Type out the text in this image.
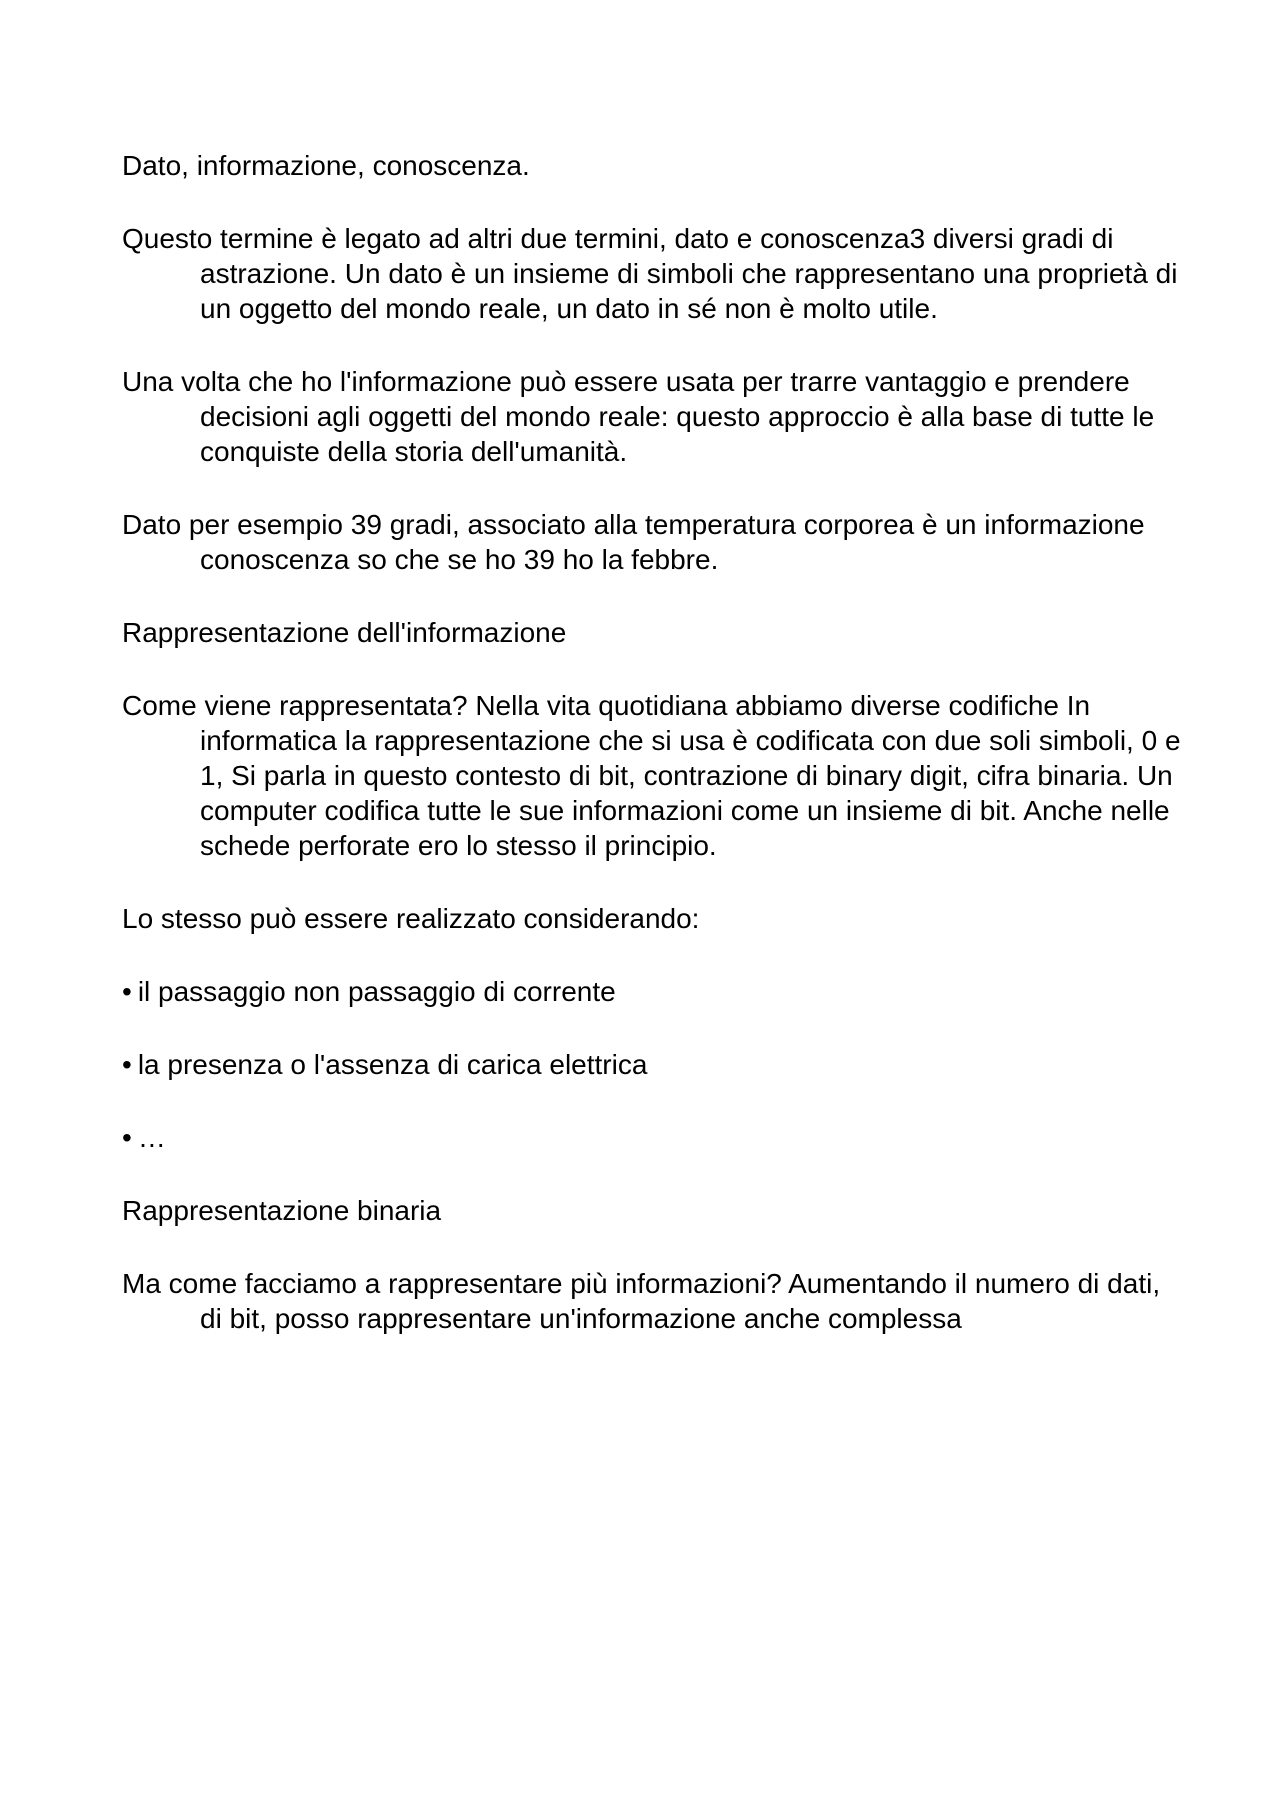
Dato, informazione, conoscenza.

Questo termine è legato ad altri due termini, dato e conoscenza3 diversi gradi di astrazione. Un dato è un insieme di simboli che rappresentano una proprietà di un oggetto del mondo reale, un dato in sé non è molto utile.

Una volta che ho l'informazione può essere usata per trarre vantaggio e prendere decisioni agli oggetti del mondo reale: questo approccio è alla base di tutte le conquiste della storia dell'umanità.

Dato per esempio 39 gradi, associato alla temperatura corporea è un informazione conoscenza so che se ho 39 ho la febbre.

Rappresentazione dell'informazione

Come viene rappresentata? Nella vita quotidiana abbiamo diverse codifiche In informatica la rappresentazione che si usa è codificata con due soli simboli, 0 e 1, Si parla in questo contesto di bit, contrazione di binary digit, cifra binaria. Un computer codifica tutte le sue informazioni come un insieme di bit. Anche nelle schede perforate ero lo stesso il principio.

Lo stesso può essere realizzato considerando:

• il passaggio non passaggio di corrente
• la presenza o l'assenza di carica elettrica
• …

Rappresentazione binaria

Ma come facciamo a rappresentare più informazioni? Aumentando il numero di dati, di bit, posso rappresentare un'informazione anche complessa
